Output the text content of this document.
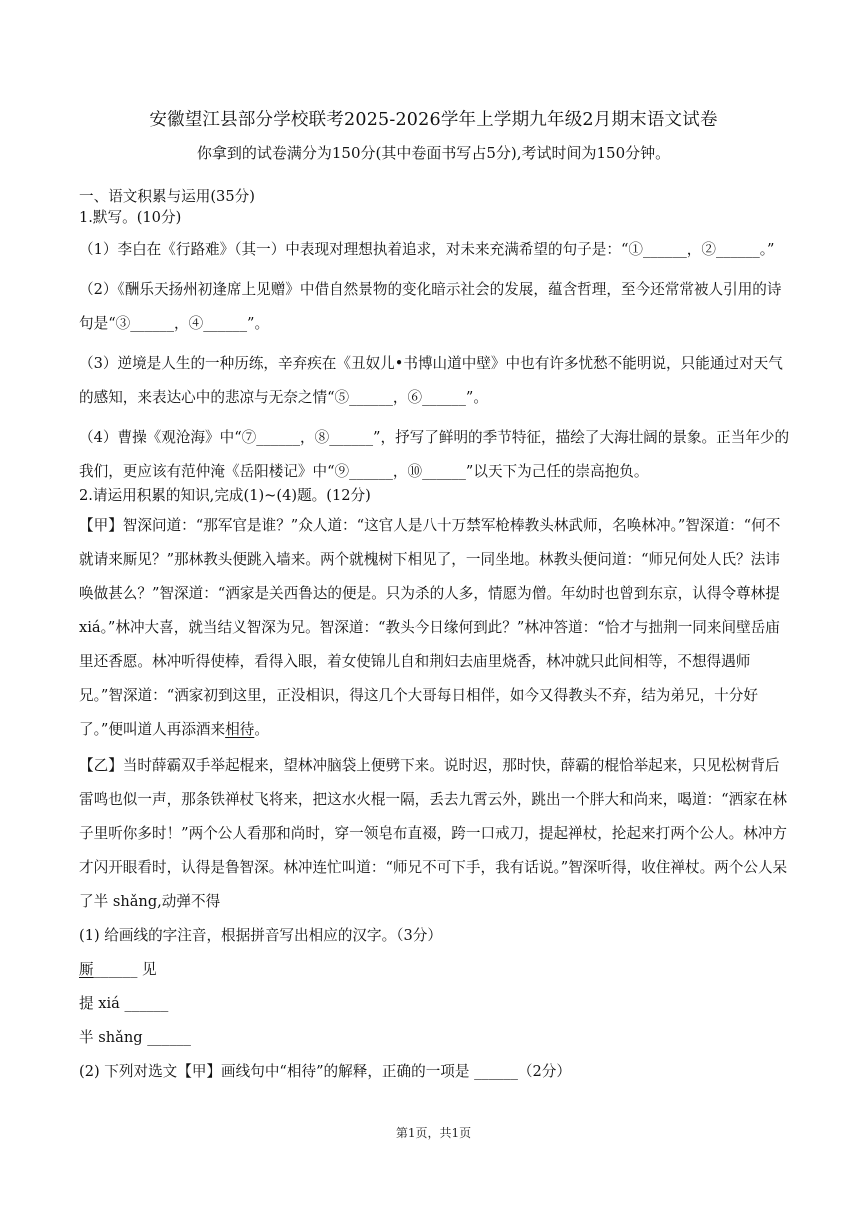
安徽望江县部分学校联考2025-2026学年上学期九年级2月期末语文试卷
你拿到的试卷满分为150分(其中卷面书写占5分),考试时间为150分钟。
一、语文积累与运用(35分)
1.默写。(10分)

（1）李白在《行路难》（其一）中表现对理想执着追求，对未来充满希望的句子是：“①______，②______。”

（2）《酬乐天扬州初逢席上见赠》中借自然景物的变化暗示社会的发展，蕴含哲理，至今还常常被人引用的诗句是“③______，④______”。

（3）逆境是人生的一种历练，辛弃疾在《丑奴儿•书博山道中壁》中也有许多忧愁不能明说，只能通过对天气的感知，来表达心中的悲凉与无奈之情“⑤______，⑥______”。

（4）曹操《观沧海》中“⑦______，⑧______”，抒写了鲜明的季节特征，描绘了大海壮阔的景象。正当年少的我们，更应该有范仲淹《岳阳楼记》中“⑨______，⑩______”以天下为己任的崇高抱负。

2.请运用积累的知识,完成(1)~(4)题。(12分)

【甲】智深问道：“那军官是谁？”众人道：“这官人是八十万禁军枪棒教头林武师，名唤林冲。”智深道：“何不就请来厮见？”那林教头便跳入墙来。两个就槐树下相见了，一同坐地。林教头便问道：“师兄何处人氏？法讳唤做甚么？”智深道：“洒家是关西鲁达的便是。只为杀的人多，情愿为僧。年幼时也曾到东京，认得令尊林提 xiá。”林冲大喜，就当结义智深为兄。智深道：“教头今日缘何到此？”林冲答道：“恰才与拙荆一同来间壁岳庙里还香愿。林冲听得使棒，看得入眼，着女使锦儿自和荆妇去庙里烧香，林冲就只此间相等，不想得遇师兄。”智深道：“洒家初到这里，正没相识，得这几个大哥每日相伴，如今又得教头不弃，结为弟兄，十分好了。”便叫道人再添酒来相待。

【乙】当时薛霸双手举起棍来，望林冲脑袋上便劈下来。说时迟，那时快，薛霸的棍恰举起来，只见松树背后雷鸣也似一声，那条铁禅杖飞将来，把这水火棍一隔，丢去九霄云外，跳出一个胖大和尚来，喝道：“洒家在林子里听你多时！”两个公人看那和尚时，穿一领皂布直裰，跨一口戒刀，提起禅杖，抡起来打两个公人。林冲方才闪开眼看时，认得是鲁智深。林冲连忙叫道：“师兄不可下手，我有话说。”智深听得，收住禅杖。两个公人呆了半 shǎng,动弹不得

(1) 给画线的字注音，根据拼音写出相应的汉字。（3分）

厮______ 见

提 xiá ______

半 shǎng ______

(2) 下列对选文【甲】画线句中“相待”的解释，正确的一项是 ______（2分）

第1页，共1页
